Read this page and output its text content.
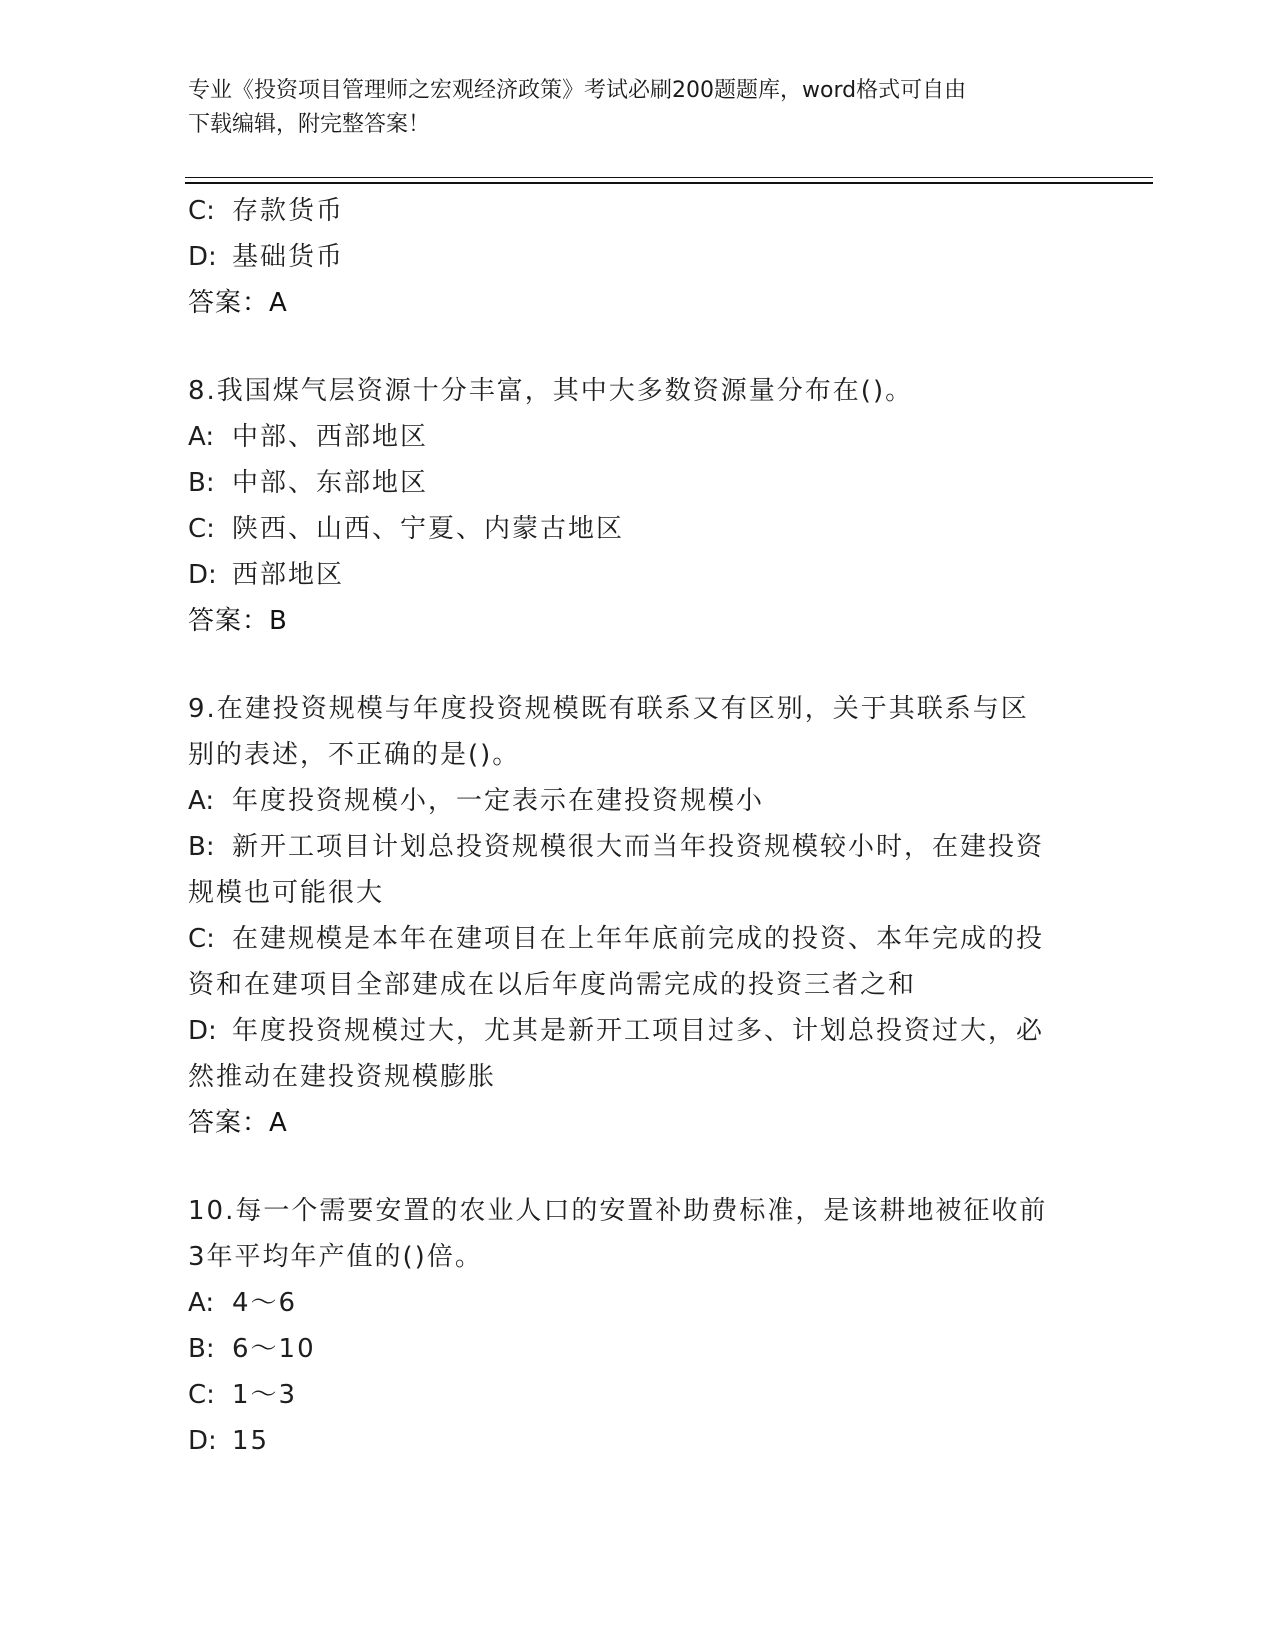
专业《投资项目管理师之宏观经济政策》考试必刷200题题库，word格式可自由
下载编辑，附完整答案！
C: 存款货币
D: 基础货币
答案：A
8.我国煤气层资源十分丰富，其中大多数资源量分布在()。
A: 中部、西部地区
B: 中部、东部地区
C: 陕西、山西、宁夏、内蒙古地区
D: 西部地区
答案：B
9.在建投资规模与年度投资规模既有联系又有区别，关于其联系与区
别的表述，不正确的是()。
A: 年度投资规模小，一定表示在建投资规模小
B: 新开工项目计划总投资规模很大而当年投资规模较小时，在建投资
规模也可能很大
C: 在建规模是本年在建项目在上年年底前完成的投资、本年完成的投
资和在建项目全部建成在以后年度尚需完成的投资三者之和
D: 年度投资规模过大，尤其是新开工项目过多、计划总投资过大，必
然推动在建投资规模膨胀
答案：A
10.每一个需要安置的农业人口的安置补助费标准，是该耕地被征收前
3年平均年产值的()倍。
A: 4～6
B: 6～10
C: 1～3
D: 15
